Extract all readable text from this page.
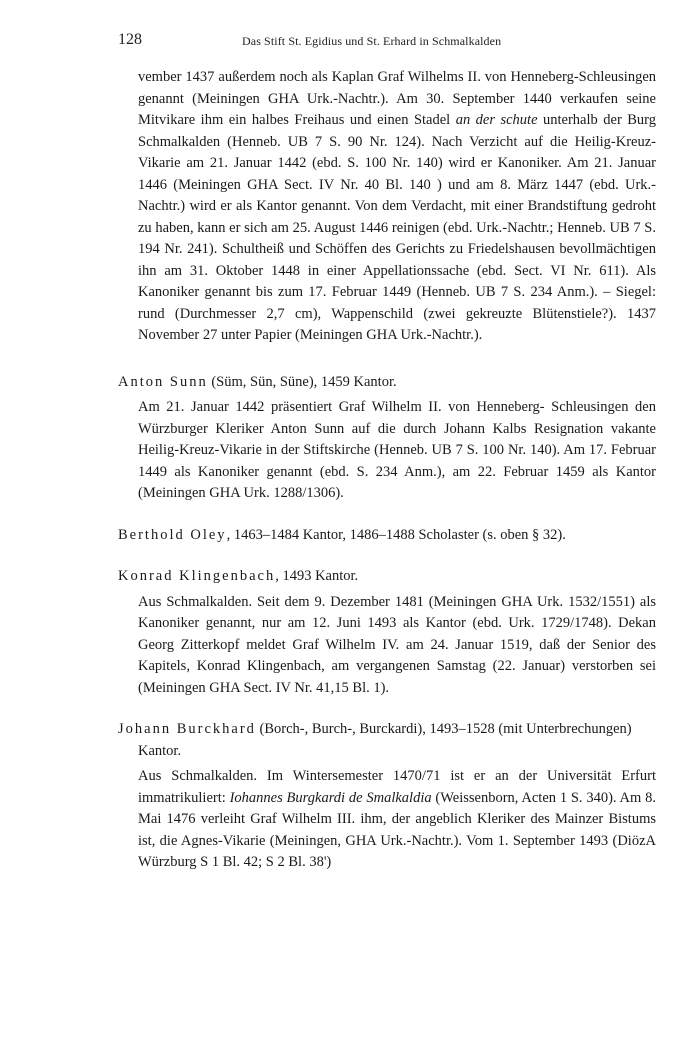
128	Das Stift St. Egidius und St. Erhard in Schmalkalden

vember 1437 außerdem noch als Kaplan Graf Wilhelms II. von Henneberg-Schleusingen genannt (Meiningen GHA Urk.-Nachtr.). Am 30. September 1440 verkaufen seine Mitvikare ihm ein halbes Freihaus und einen Stadel an der schute unterhalb der Burg Schmalkalden (Henneb. UB 7 S. 90 Nr. 124). Nach Verzicht auf die Heilig-Kreuz-Vikarie am 21. Januar 1442 (ebd. S. 100 Nr. 140) wird er Kanoniker. Am 21. Januar 1446 (Meiningen GHA Sect. IV Nr. 40 Bl. 140 ) und am 8. März 1447 (ebd. Urk.-Nachtr.) wird er als Kantor genannt. Von dem Verdacht, mit einer Brandstiftung gedroht zu haben, kann er sich am 25. August 1446 reinigen (ebd. Urk.-Nachtr.; Henneb. UB 7 S. 194 Nr. 241). Schultheiß und Schöffen des Gerichts zu Friedelshausen bevollmächtigen ihn am 31. Oktober 1448 in einer Appellationssache (ebd. Sect. VI Nr. 611). Als Kanoniker genannt bis zum 17. Februar 1449 (Henneb. UB 7 S. 234 Anm.). – Siegel: rund (Durchmesser 2,7 cm), Wappenschild (zwei gekreuzte Blütenstiele?). 1437 November 27 unter Papier (Meiningen GHA Urk.-Nachtr.).

Anton Sunn (Süm, Sün, Süne), 1459 Kantor.
Am 21. Januar 1442 präsentiert Graf Wilhelm II. von Henneberg- Schleusingen den Würzburger Kleriker Anton Sunn auf die durch Johann Kalbs Resignation vakante Heilig-Kreuz-Vikarie in der Stiftskirche (Henneb. UB 7 S. 100 Nr. 140). Am 17. Februar 1449 als Kanoniker genannt (ebd. S. 234 Anm.), am 22. Februar 1459 als Kantor (Meiningen GHA Urk. 1288/1306).
Berthold Oley, 1463–1484 Kantor, 1486–1488 Scholaster (s. oben § 32).
Konrad Klingenbach, 1493 Kantor.
Aus Schmalkalden. Seit dem 9. Dezember 1481 (Meiningen GHA Urk. 1532/1551) als Kanoniker genannt, nur am 12. Juni 1493 als Kantor (ebd. Urk. 1729/1748). Dekan Georg Zitterkopf meldet Graf Wilhelm IV. am 24. Januar 1519, daß der Senior des Kapitels, Konrad Klingenbach, am vergangenen Samstag (22. Januar) verstorben sei (Meiningen GHA Sect. IV Nr. 41,15 Bl. 1).
Johann Burckhard (Borch-, Burch-, Burckardi), 1493–1528 (mit Unterbrechungen) Kantor.
Aus Schmalkalden. Im Wintersemester 1470/71 ist er an der Universität Erfurt immatrikuliert: Iohannes Burgkardi de Smalkaldia (Weissenborn, Acten 1 S. 340). Am 8. Mai 1476 verleiht Graf Wilhelm III. ihm, der angeblich Kleriker des Mainzer Bistums ist, die Agnes-Vikarie (Meiningen, GHA Urk.-Nachtr.). Vom 1. September 1493 (DiözA Würzburg S 1 Bl. 42; S 2 Bl. 38')
